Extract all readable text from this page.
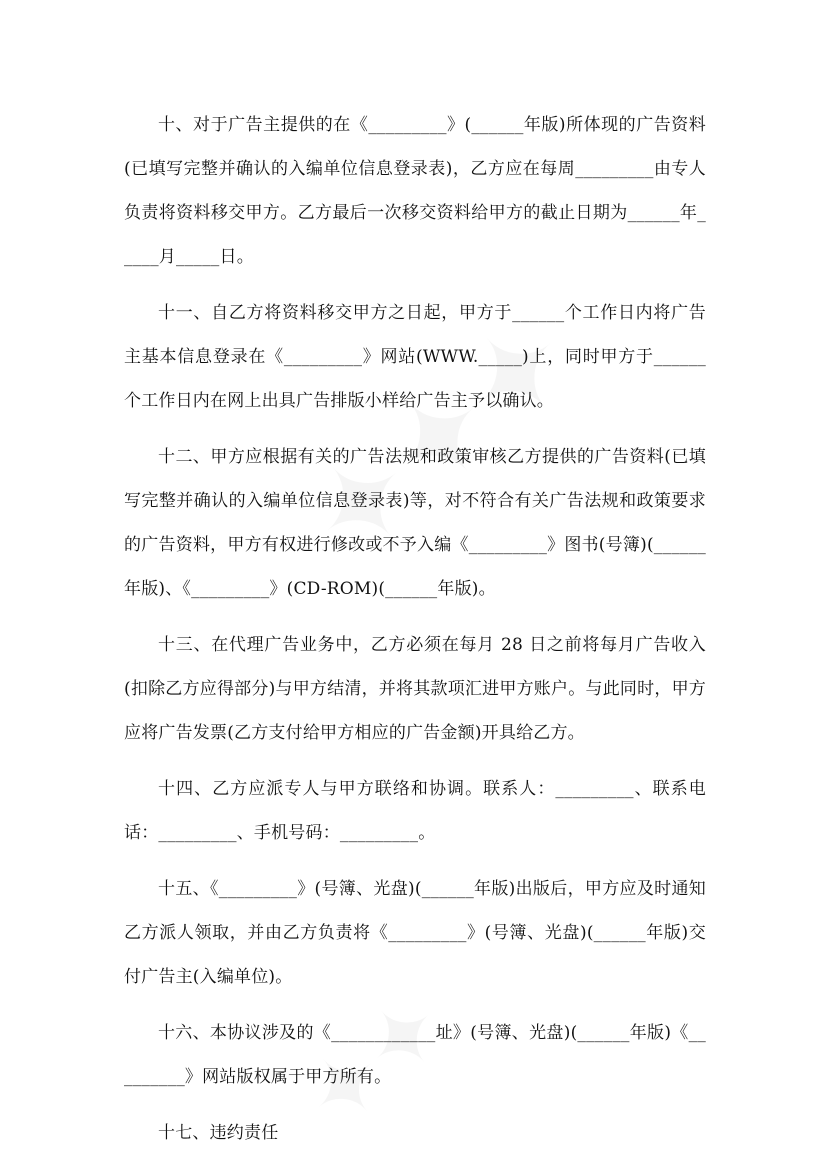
十、对于广告主提供的在《_________》(______年版)所体现的广告资料(已填写完整并确认的入编单位信息登录表)，乙方应在每周_________由专人负责将资料移交甲方。乙方最后一次移交资料给甲方的截止日期为______年_____月_____日。

十一、自乙方将资料移交甲方之日起，甲方于______个工作日内将广告主基本信息登录在《_________》网站(WWW._____)上，同时甲方于______个工作日内在网上出具广告排版小样给广告主予以确认。

十二、甲方应根据有关的广告法规和政策审核乙方提供的广告资料(已填写完整并确认的入编单位信息登录表)等，对不符合有关广告法规和政策要求的广告资料，甲方有权进行修改或不予入编《_________》图书(号簿)(______年版)、《_________》(CD-ROM)(______年版)。

十三、在代理广告业务中，乙方必须在每月 28 日之前将每月广告收入(扣除乙方应得部分)与甲方结清，并将其款项汇进甲方账户。与此同时，甲方应将广告发票(乙方支付给甲方相应的广告金额)开具给乙方。

十四、乙方应派专人与甲方联络和协调。联系人：_________、联系电话：_________、手机号码：_________。

十五、《_________》(号簿、光盘)(______年版)出版后，甲方应及时通知乙方派人领取，并由乙方负责将《_________》(号簿、光盘)(______年版)交付广告主(入编单位)。

十六、本协议涉及的《____________址》(号簿、光盘)(______年版)《_________》网站版权属于甲方所有。

十七、违约责任
